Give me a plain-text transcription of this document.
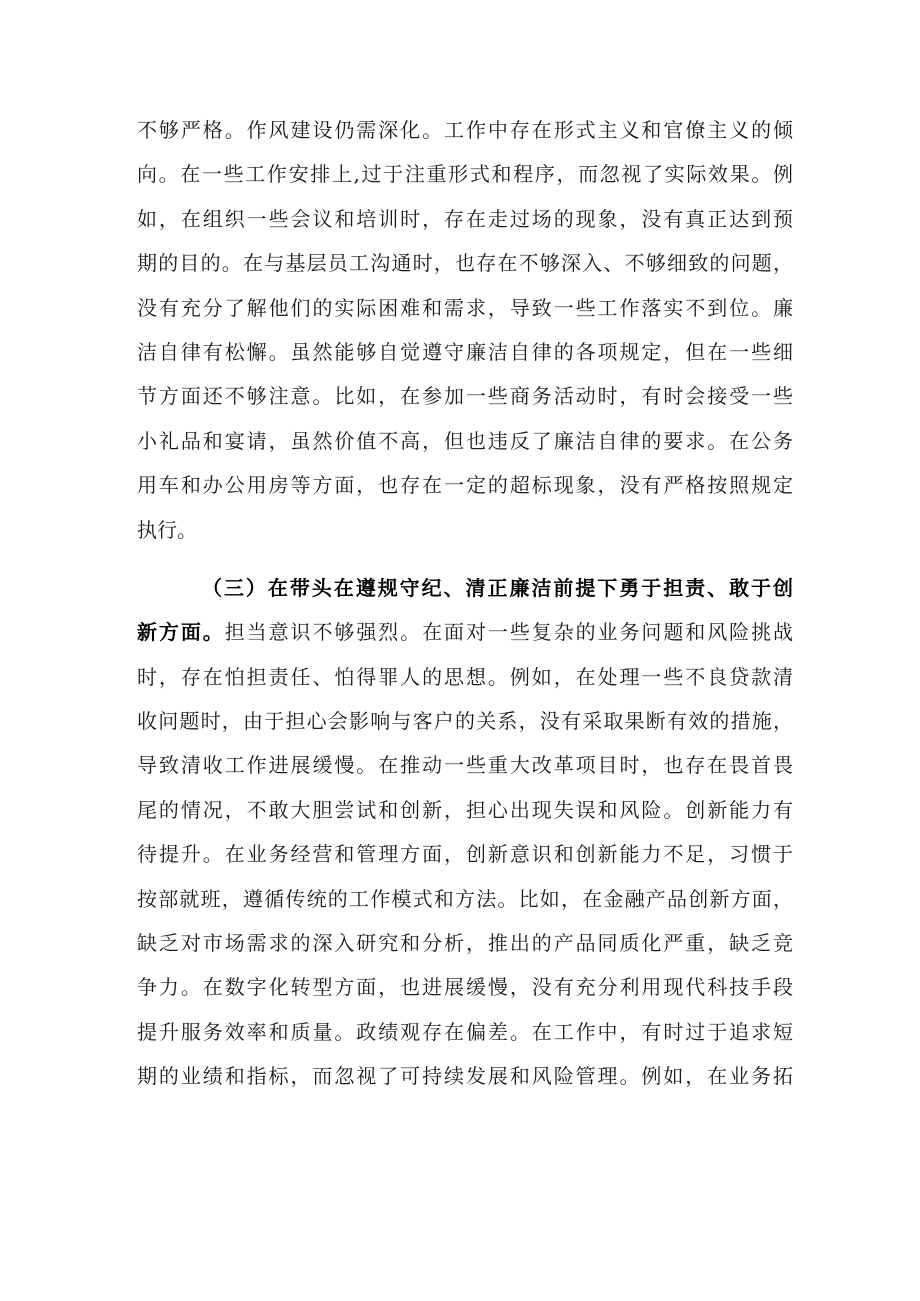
不够严格。作风建设仍需深化。工作中存在形式主义和官僚主义的倾
向。在一些工作安排上,过于注重形式和程序，而忽视了实际效果。例
如，在组织一些会议和培训时，存在走过场的现象，没有真正达到预
期的目的。在与基层员工沟通时，也存在不够深入、不够细致的问题，
没有充分了解他们的实际困难和需求，导致一些工作落实不到位。廉
洁自律有松懈。虽然能够自觉遵守廉洁自律的各项规定，但在一些细
节方面还不够注意。比如，在参加一些商务活动时，有时会接受一些
小礼品和宴请，虽然价值不高，但也违反了廉洁自律的要求。在公务
用车和办公用房等方面，也存在一定的超标现象，没有严格按照规定
执行。
（三）在带头在遵规守纪、清正廉洁前提下勇于担责、敢于创
新方面。担当意识不够强烈。在面对一些复杂的业务问题和风险挑战
时，存在怕担责任、怕得罪人的思想。例如，在处理一些不良贷款清
收问题时，由于担心会影响与客户的关系，没有采取果断有效的措施，
导致清收工作进展缓慢。在推动一些重大改革项目时，也存在畏首畏
尾的情况，不敢大胆尝试和创新，担心出现失误和风险。创新能力有
待提升。在业务经营和管理方面，创新意识和创新能力不足，习惯于
按部就班，遵循传统的工作模式和方法。比如，在金融产品创新方面，
缺乏对市场需求的深入研究和分析，推出的产品同质化严重，缺乏竞
争力。在数字化转型方面，也进展缓慢，没有充分利用现代科技手段
提升服务效率和质量。政绩观存在偏差。在工作中，有时过于追求短
期的业绩和指标，而忽视了可持续发展和风险管理。例如，在业务拓
